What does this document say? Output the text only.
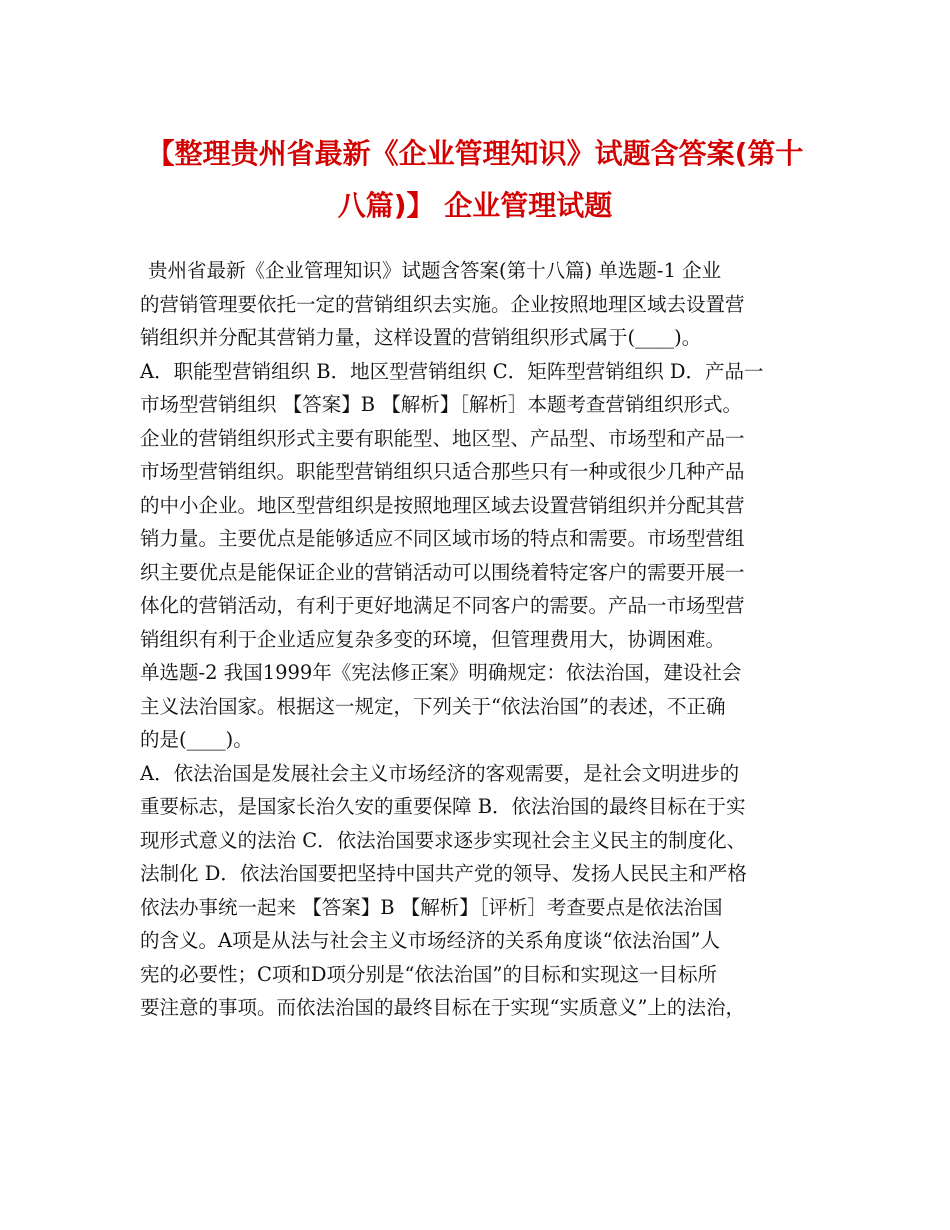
【整理贵州省最新《企业管理知识》试题含答案(第十
八篇)】 企业管理试题
贵州省最新《企业管理知识》试题含答案(第十八篇) 单选题-1 企业
的营销管理要依托一定的营销组织去实施。企业按照地理区域去设置营
销组织并分配其营销力量，这样设置的营销组织形式属于(____)。
A．职能型营销组织 B．地区型营销组织 C．矩阵型营销组织 D．产品一
市场型营销组织 【答案】B 【解析】［解析］本题考查营销组织形式。
企业的营销组织形式主要有职能型、地区型、产品型、市场型和产品一
市场型营销组织。职能型营销组织只适合那些只有一种或很少几种产品
的中小企业。地区型营组织是按照地理区域去设置营销组织并分配其营
销力量。主要优点是能够适应不同区域市场的特点和需要。市场型营组
织主要优点是能保证企业的营销活动可以围绕着特定客户的需要开展一
体化的营销活动，有利于更好地满足不同客户的需要。产品一市场型营
销组织有利于企业适应复杂多变的环境，但管理费用大，协调困难。
单选题-2 我国1999年《宪法修正案》明确规定：依法治国，建设社会
主义法治国家。根据这一规定，下列关于“依法治国”的表述，不正确
的是(____)。
A．依法治国是发展社会主义市场经济的客观需要，是社会文明进步的
重要标志，是国家长治久安的重要保障 B．依法治国的最终目标在于实
现形式意义的法治 C．依法治国要求逐步实现社会主义民主的制度化、
法制化 D．依法治国要把坚持中国共产党的领导、发扬人民民主和严格
依法办事统一起来 【答案】B 【解析】［评析］考查要点是依法治国
的含义。A项是从法与社会主义市场经济的关系角度谈“依法治国”人
宪的必要性；C项和D项分别是“依法治国”的目标和实现这一目标所
要注意的事项。而依法治国的最终目标在于实现“实质意义”上的法治，
